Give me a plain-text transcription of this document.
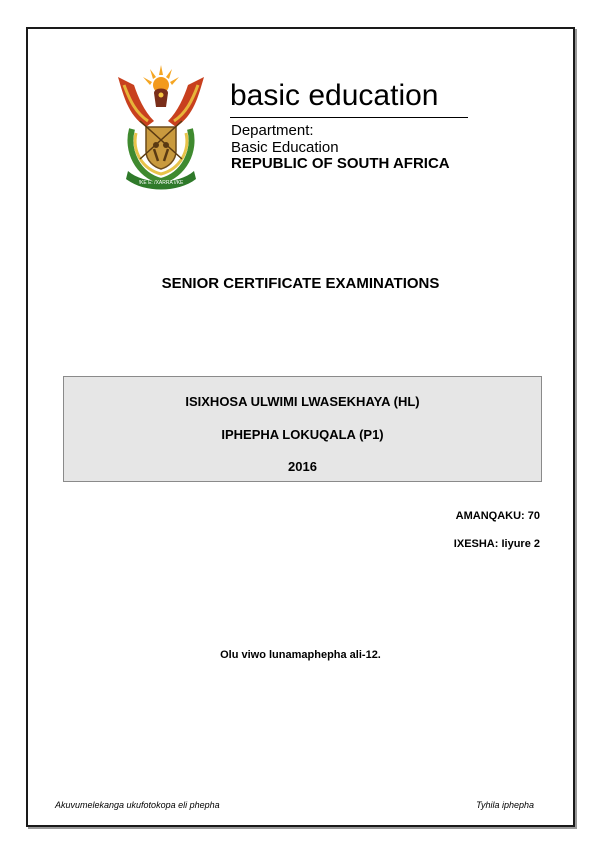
!KE E: /XARRA //KE
basic education
Department:
Basic Education
REPUBLIC OF SOUTH AFRICA
SENIOR CERTIFICATE EXAMINATIONS
ISIXHOSA ULWIMI LWASEKHAYA (HL)
IPHEPHA LOKUQALA (P1)
2016
AMANQAKU: 70
IXESHA: Iiyure 2
Olu viwo lunamaphepha ali-12.
Akuvumelekanga ukufotokopa eli phepha	Tyhila iphepha
